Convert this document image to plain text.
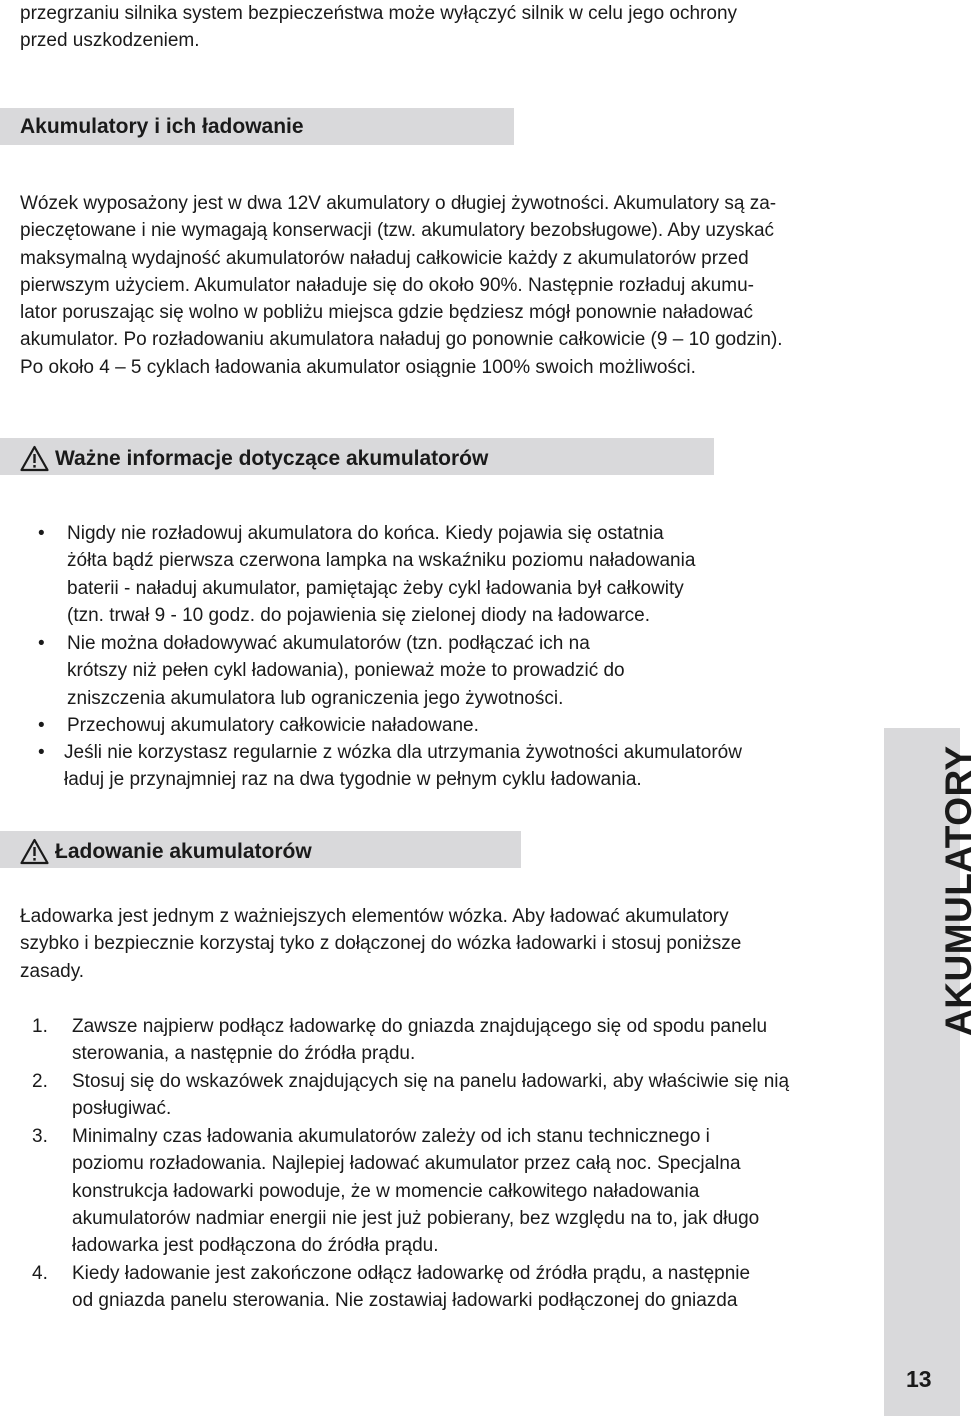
przegrzaniu silnika system bezpieczeństwa może wyłączyć silnik w celu jego ochrony
przed uszkodzeniem.

Akumulatory i ich ładowanie

Wózek wyposażony jest w dwa 12V akumulatory o długiej żywotności. Akumulatory są za-
pieczętowane i nie wymagają konserwacji (tzw. akumulatory bezobsługowe). Aby uzyskać
maksymalną wydajność akumulatorów naładuj całkowicie każdy z akumulatorów przed
pierwszym użyciem. Akumulator naładuje się do około 90%. Następnie rozładuj akumu-
lator poruszając się wolno w pobliżu miejsca gdzie będziesz mógł ponownie naładować
akumulator. Po rozładowaniu akumulatora naładuj go ponownie całkowicie (9 – 10 godzin).
Po około 4 – 5 cyklach ładowania akumulator osiągnie 100% swoich możliwości.

Ważne informacje dotyczące akumulatorów
• Nigdy nie rozładowuj akumulatora do końca. Kiedy pojawia się ostatnia
żółta bądź pierwsza czerwona lampka na wskaźniku poziomu naładowania
baterii - naładuj akumulator, pamiętając żeby cykl ładowania był całkowity
(tzn. trwał 9 - 10 godz. do pojawienia się zielonej diody na ładowarce.
• Nie można doładowywać akumulatorów (tzn. podłączać ich na
krótszy niż pełen cykl ładowania), ponieważ może to prowadzić do
zniszczenia akumulatora lub ograniczenia jego żywotności.
• Przechowuj akumulatory całkowicie naładowane.
• Jeśli nie korzystasz regularnie z wózka dla utrzymania żywotności akumulatorów
ładuj je przynajmniej raz na dwa tygodnie w pełnym cyklu ładowania.
Ładowanie akumulatorów

Ładowarka jest jednym z ważniejszych elementów wózka. Aby ładować akumulatory
szybko i bezpiecznie korzystaj tyko z dołączonej do wózka ładowarki i stosuj poniższe
zasady.

1. Zawsze najpierw podłącz ładowarkę do gniazda znajdującego się od spodu panelu
sterowania, a następnie do źródła prądu.
2. Stosuj się do wskazówek znajdujących się na panelu ładowarki, aby właściwie się nią
posługiwać.
3. Minimalny czas ładowania akumulatorów zależy od ich stanu technicznego i
poziomu rozładowania. Najlepiej ładować akumulator przez całą noc. Specjalna
konstrukcja ładowarki powoduje, że w momencie całkowitego naładowania
akumulatorów nadmiar energii nie jest już pobierany, bez względu na to, jak długo
ładowarka jest podłączona do źródła prądu.
4. Kiedy ładowanie jest zakończone odłącz ładowarkę od źródła prądu, a następnie
od gniazda panelu sterowania. Nie zostawiaj ładowarki podłączonej do gniazda
AKUMULATORY
13
